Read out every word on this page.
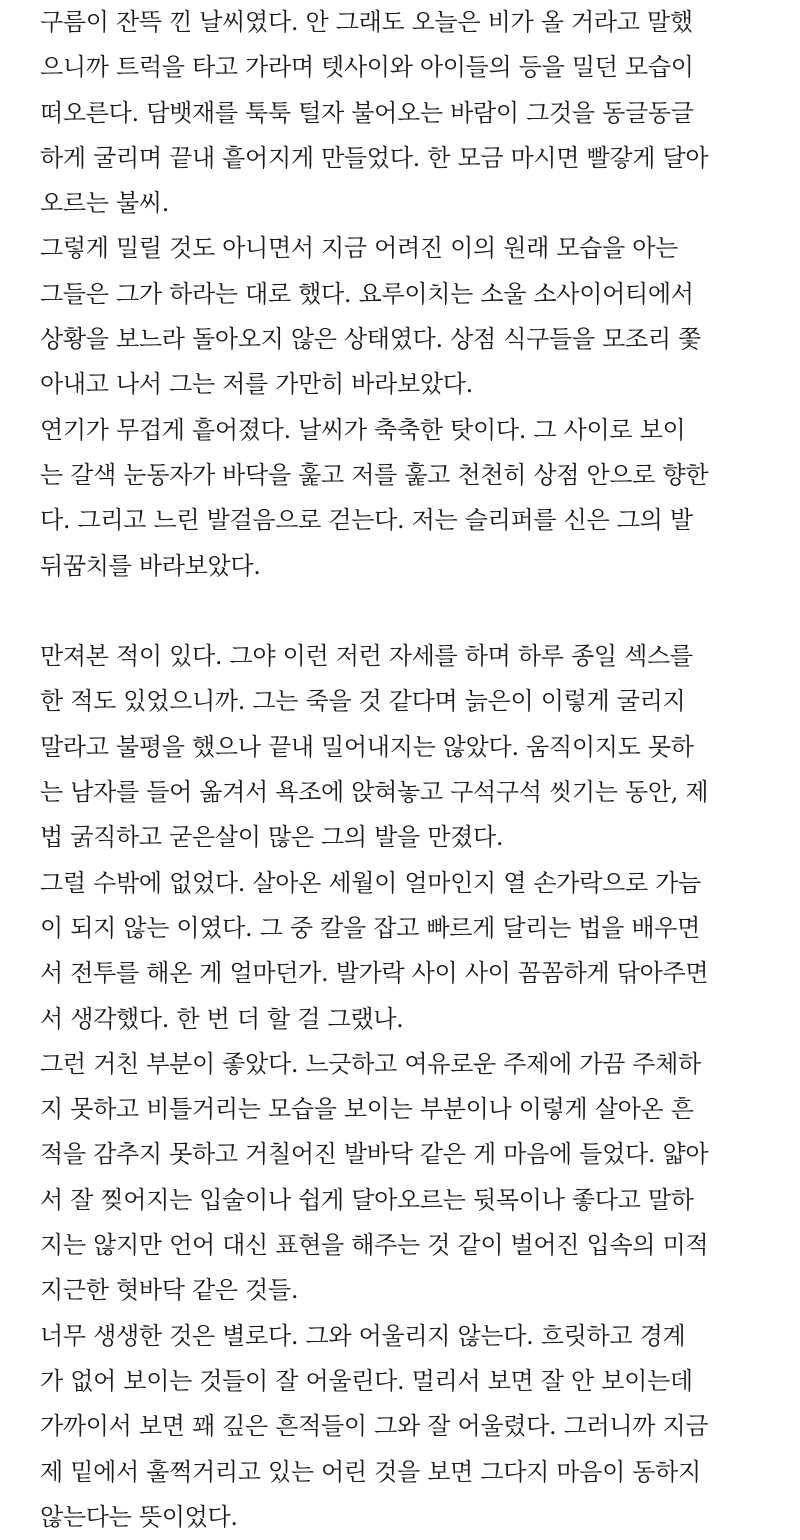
구름이 잔뜩 낀 날씨였다. 안 그래도 오늘은 비가 올 거라고 말했
으니까 트럭을 타고 가라며 텟사이와 아이들의 등을 밀던 모습이
떠오른다. 담뱃재를 툭툭 털자 불어오는 바람이 그것을 동글동글
하게 굴리며 끝내 흩어지게 만들었다. 한 모금 마시면 빨갛게 달아
오르는 불씨.
그렇게 밀릴 것도 아니면서 지금 어려진 이의 원래 모습을 아는
그들은 그가 하라는 대로 했다. 요루이치는 소울 소사이어티에서
상황을 보느라 돌아오지 않은 상태였다. 상점 식구들을 모조리 쫓
아내고 나서 그는 저를 가만히 바라보았다.
연기가 무겁게 흩어졌다. 날씨가 축축한 탓이다. 그 사이로 보이
는 갈색 눈동자가 바닥을 훑고 저를 훑고 천천히 상점 안으로 향한
다. 그리고 느린 발걸음으로 걷는다. 저는 슬리퍼를 신은 그의 발
뒤꿈치를 바라보았다.
만져본 적이 있다. 그야 이런 저런 자세를 하며 하루 종일 섹스를
한 적도 있었으니까. 그는 죽을 것 같다며 늙은이 이렇게 굴리지
말라고 불평을 했으나 끝내 밀어내지는 않았다. 움직이지도 못하
는 남자를 들어 옮겨서 욕조에 앉혀놓고 구석구석 씻기는 동안, 제
법 굵직하고 굳은살이 많은 그의 발을 만졌다.
그럴 수밖에 없었다. 살아온 세월이 얼마인지 열 손가락으로 가늠
이 되지 않는 이였다. 그 중 칼을 잡고 빠르게 달리는 법을 배우면
서 전투를 해온 게 얼마던가. 발가락 사이 사이 꼼꼼하게 닦아주면
서 생각했다. 한 번 더 할 걸 그랬나.
그런 거친 부분이 좋았다. 느긋하고 여유로운 주제에 가끔 주체하
지 못하고 비틀거리는 모습을 보이는 부분이나 이렇게 살아온 흔
적을 감추지 못하고 거칠어진 발바닥 같은 게 마음에 들었다. 얇아
서 잘 찢어지는 입술이나 쉽게 달아오르는 뒷목이나 좋다고 말하
지는 않지만 언어 대신 표현을 해주는 것 같이 벌어진 입속의 미적
지근한 혓바닥 같은 것들.
너무 생생한 것은 별로다. 그와 어울리지 않는다. 흐릿하고 경계
가 없어 보이는 것들이 잘 어울린다. 멀리서 보면 잘 안 보이는데
가까이서 보면 꽤 깊은 흔적들이 그와 잘 어울렸다. 그러니까 지금
제 밑에서 훌쩍거리고 있는 어린 것을 보면 그다지 마음이 동하지
않는다는 뜻이었다.
